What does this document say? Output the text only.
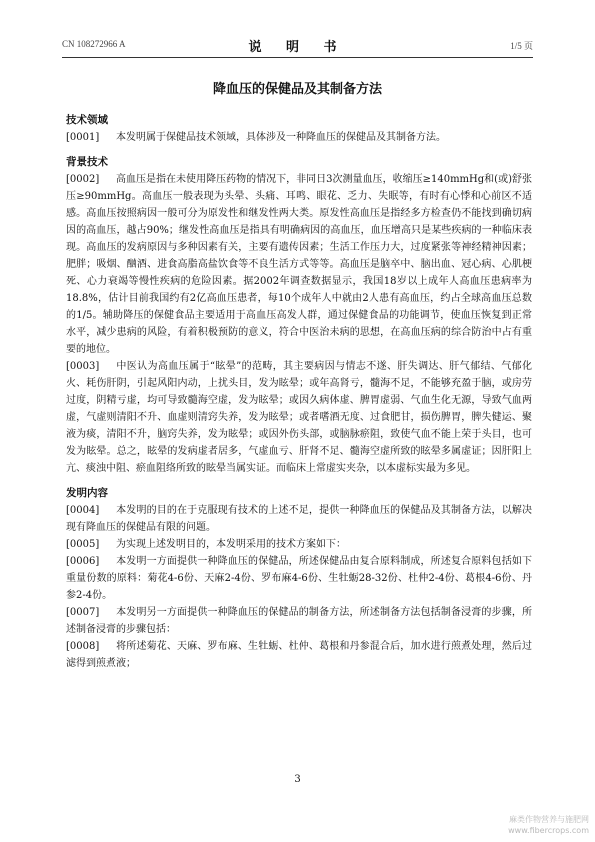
CN 108272966 A	说 明 书	1/5 页
降血压的保健品及其制备方法
技术领域

[0001] 本发明属于保健品技术领域，具体涉及一种降血压的保健品及其制备方法。

背景技术

[0002] 高血压是指在未使用降压药物的情况下，非同日3次测量血压，收缩压≥140mmHg和(或)舒张压≥90mmHg。高血压一般表现为头晕、头痛、耳鸣、眼花、乏力、失眠等，有时有心悸和心前区不适感。高血压按照病因一般可分为原发性和继发性两大类。原发性高血压是指经多方检查仍不能找到确切病因的高血压，越占90%；继发性高血压是指具有明确病因的高血压，血压增高只是某些疾病的一种临床表现。高血压的发病原因与多种因素有关，主要有遗传因素；生活工作压力大，过度紧张等神经精神因素；肥胖；吸烟、酗酒、进食高脂高盐饮食等不良生活方式等等。高血压是脑卒中、脑出血、冠心病、心肌梗死、心力衰竭等慢性疾病的危险因素。据2002年调查数据显示，我国18岁以上成年人高血压患病率为18.8%，估计目前我国约有2亿高血压患者，每10个成年人中就由2人患有高血压，约占全球高血压总数的1/5。辅助降压的保健食品主要适用于高血压高发人群，通过保健食品的功能调节，使血压恢复到正常水平，减少患病的风险，有着积极预防的意义，符合中医治未病的思想，在高血压病的综合防治中占有重要的地位。

[0003] 中医认为高血压属于“眩晕”的范畴，其主要病因与情志不遂、肝失调达、肝气郁结、气郁化火、耗伤肝阴，引起风阳内动，上扰头目，发为眩晕；或年高肾亏，髓海不足，不能够充盈于脑，或房劳过度，阴精亏虚，均可导致髓海空虚，发为眩晕；或因久病体虚、脾胃虚弱、气血生化无源，导致气血两虚，气虚则清阳不升、血虚则清窍失养，发为眩晕；或者嗜酒无度、过食肥甘，损伤脾胃，脾失健运、聚液为痰，清阳不升，脑窍失养，发为眩晕；或因外伤头部，或脑脉瘀阻，致使气血不能上荣于头目，也可发为眩晕。总之，眩晕的发病虚者居多，气虚血亏、肝肾不足、髓海空虚所致的眩晕多属虚证；因肝阳上亢、痰浊中阻、瘀血阻络所致的眩晕当属实证。而临床上常虚实夹杂，以本虚标实最为多见。

发明内容

[0004] 本发明的目的在于克服现有技术的上述不足，提供一种降血压的保健品及其制备方法，以解决现有降血压的保健品有限的问题。

[0005] 为实现上述发明目的，本发明采用的技术方案如下：

[0006] 本发明一方面提供一种降血压的保健品，所述保健品由复合原料制成，所述复合原料包括如下重量份数的原料：菊花4-6份、天麻2-4份、罗布麻4-6份、生牡蛎28-32份、杜仲2-4份、葛根4-6份、丹参2-4份。

[0007] 本发明另一方面提供一种降血压的保健品的制备方法，所述制备方法包括制备浸膏的步骤，所述制备浸膏的步骤包括：

[0008] 将所述菊花、天麻、罗布麻、生牡蛎、杜仲、葛根和丹参混合后，加水进行煎煮处理，然后过滤得到煎煮液；

3
麻类作物营养与施肥网
www.fibercrops.com
